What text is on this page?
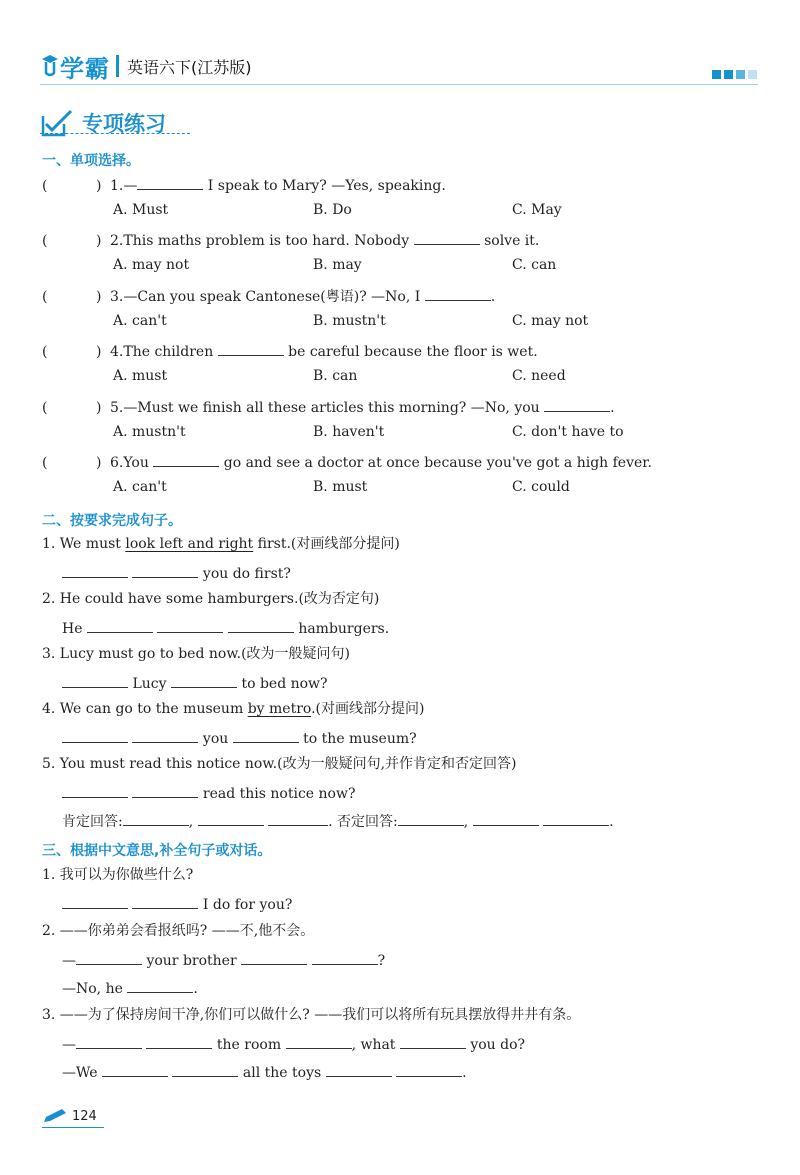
学霸 英语六下(江苏版)
专项练习
一、单项选择。
(	) 1.—	I speak to Mary? —Yes, speaking.
A. Must	B. Do	C. May
(	) 2.This maths problem is too hard. Nobody	solve it.
A. may not	B. may	C. can
(	) 3.—Can you speak Cantonese(粤语)? —No, I	.
A. can't	B. mustn't	C. may not
(	) 4.The children	be careful because the floor is wet.
A. must	B. can	C. need
(	) 5.—Must we finish all these articles this morning? —No, you	.
A. mustn't	B. haven't	C. don't have to
(	) 6.You	go and see a doctor at once because you've got a high fever.
A. can't	B. must	C. could
二、按要求完成句子。
1. We must look left and right first.(对画线部分提问)
you do first?
2. He could have some hamburgers.(改为否定句)
He	hamburgers.
3. Lucy must go to bed now.(改为一般疑问句)
Lucy	to bed now?
4. We can go to the museum by metro.(对画线部分提问)
you	to the museum?
5. You must read this notice now.(改为一般疑问句,并作肯定和否定回答)
read this notice now?
肯定回答:	,	. 否定回答:	,	.
三、根据中文意思,补全句子或对话。
1. 我可以为你做些什么?
I do for you?
2. ——你弟弟会看报纸吗? ——不,他不会。
—	your brother	?
—No, he	.
3. ——为了保持房间干净,你们可以做什么? ——我们可以将所有玩具摆放得井井有条。
—	the room	, what	you do?
—We	all the toys	.
124
